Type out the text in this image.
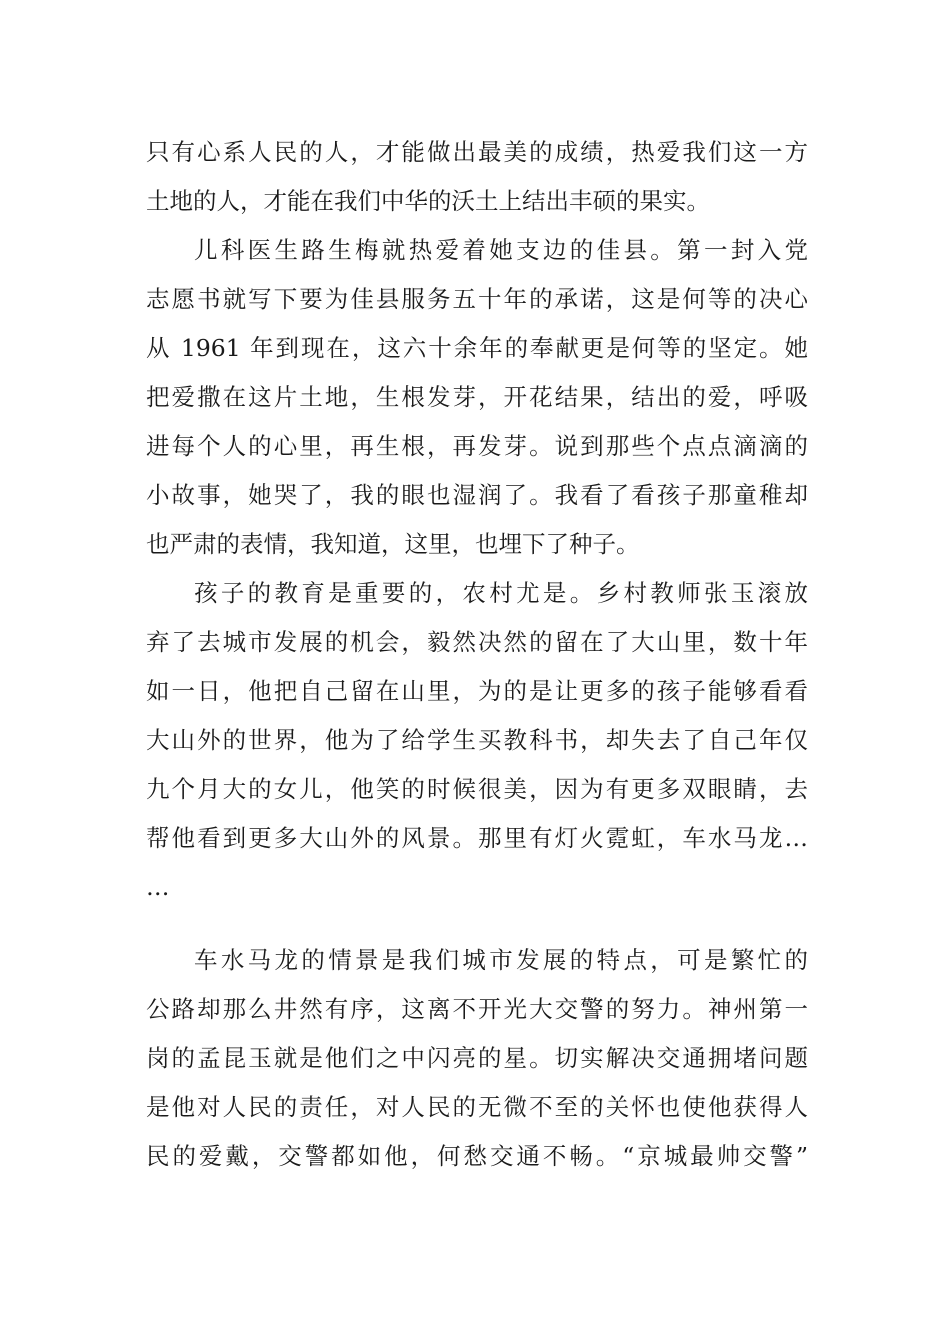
只有心系人民的人，才能做出最美的成绩，热爱我们这一方
土地的人，才能在我们中华的沃土上结出丰硕的果实。
儿科医生路生梅就热爱着她支边的佳县。第一封入党
志愿书就写下要为佳县服务五十年的承诺，这是何等的决心
从 1961 年到现在，这六十余年的奉献更是何等的坚定。她
把爱撒在这片土地，生根发芽，开花结果，结出的爱，呼吸
进每个人的心里，再生根，再发芽。说到那些个点点滴滴的
小故事，她哭了，我的眼也湿润了。我看了看孩子那童稚却
也严肃的表情，我知道，这里，也埋下了种子。
孩子的教育是重要的，农村尤是。乡村教师张玉滚放
弃了去城市发展的机会，毅然决然的留在了大山里，数十年
如一日，他把自己留在山里，为的是让更多的孩子能够看看
大山外的世界，他为了给学生买教科书，却失去了自己年仅
九个月大的女儿，他笑的时候很美，因为有更多双眼睛，去
帮他看到更多大山外的风景。那里有灯火霓虹，车水马龙…
…
车水马龙的情景是我们城市发展的特点，可是繁忙的
公路却那么井然有序，这离不开光大交警的努力。神州第一
岗的孟昆玉就是他们之中闪亮的星。切实解决交通拥堵问题
是他对人民的责任，对人民的无微不至的关怀也使他获得人
民的爱戴，交警都如他，何愁交通不畅。“京城最帅交警”
